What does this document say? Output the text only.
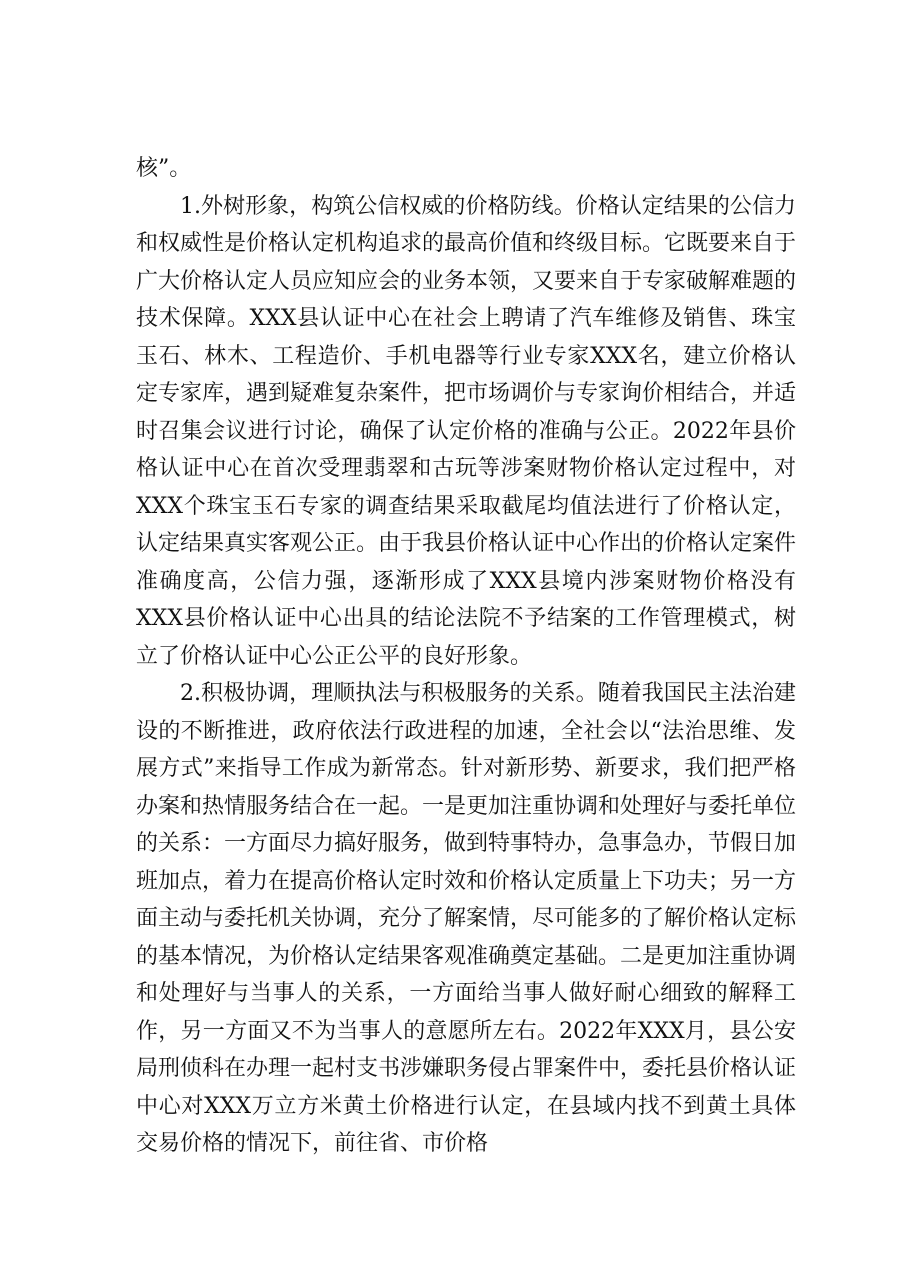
核”。

1.外树形象，构筑公信权威的价格防线。价格认定结果的公信力和权威性是价格认定机构追求的最高价值和终级目标。它既要来自于广大价格认定人员应知应会的业务本领，又要来自于专家破解难题的技术保障。XXX县认证中心在社会上聘请了汽车维修及销售、珠宝玉石、林木、工程造价、手机电器等行业专家XXX名，建立价格认定专家库，遇到疑难复杂案件，把市场调价与专家询价相结合，并适时召集会议进行讨论，确保了认定价格的准确与公正。2022年县价格认证中心在首次受理翡翠和古玩等涉案财物价格认定过程中，对XXX个珠宝玉石专家的调查结果采取截尾均值法进行了价格认定，认定结果真实客观公正。由于我县价格认证中心作出的价格认定案件准确度高，公信力强，逐渐形成了XXX县境内涉案财物价格没有XXX县价格认证中心出具的结论法院不予结案的工作管理模式，树立了价格认证中心公正公平的良好形象。

2.积极协调，理顺执法与积极服务的关系。随着我国民主法治建设的不断推进，政府依法行政进程的加速，全社会以“法治思维、发展方式”来指导工作成为新常态。针对新形势、新要求，我们把严格办案和热情服务结合在一起。一是更加注重协调和处理好与委托单位的关系：一方面尽力搞好服务，做到特事特办，急事急办，节假日加班加点，着力在提高价格认定时效和价格认定质量上下功夫；另一方面主动与委托机关协调，充分了解案情，尽可能多的了解价格认定标的基本情况，为价格认定结果客观准确奠定基础。二是更加注重协调和处理好与当事人的关系，一方面给当事人做好耐心细致的解释工作，另一方面又不为当事人的意愿所左右。2022年XXX月，县公安局刑侦科在办理一起村支书涉嫌职务侵占罪案件中，委托县价格认证中心对XXX万立方米黄土价格进行认定，在县域内找不到黄土具体交易价格的情况下，前往省、市价格
